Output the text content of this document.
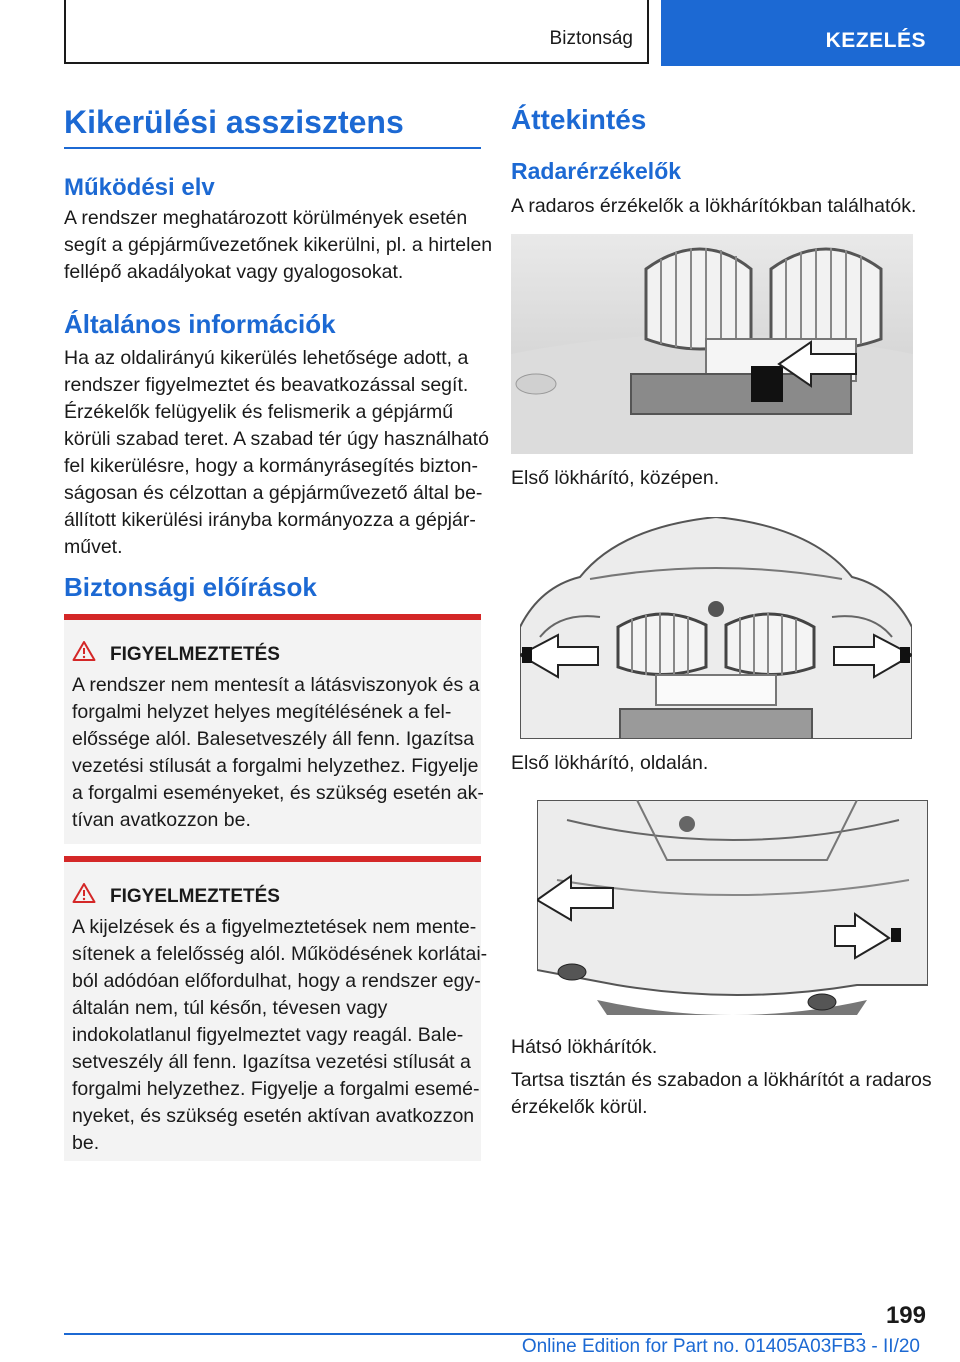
Biztonság	KEZELÉS
Kikerülési asszisztens
Működési elv
A rendszer meghatározott körülmények esetén
segít a gépjárművezetőnek kikerülni, pl. a hirtelen
fellépő akadályokat vagy gyalogosokat.
Általános információk
Ha az oldalirányú kikerülés lehetősége adott, a
rendszer figyelmeztet és beavatkozással segít.
Érzékelők felügyelik és felismerik a gépjármű
körüli szabad teret. A szabad tér úgy használható
fel kikerülésre, hogy a kormányrásegítés bizton-
ságosan és célzottan a gépjárművezető által be-
állított kikerülési irányba kormányozza a gépjár-
művet.
Biztonsági előírások
FIGYELMEZTETÉS
A rendszer nem mentesít a látásviszonyok és a
forgalmi helyzet helyes megítélésének a fel-
előssége alól. Balesetveszély áll fenn. Igazítsa
vezetési stílusát a forgalmi helyzethez. Figyelje
a forgalmi eseményeket, és szükség esetén ak-
tívan avatkozzon be.
FIGYELMEZTETÉS
A kijelzések és a figyelmeztetések nem mente-
sítenek a felelősség alól. Működésének korlátai-
ból adódóan előfordulhat, hogy a rendszer egy-
általán nem, túl későn, tévesen vagy
indokolatlanul figyelmeztet vagy reagál. Bale-
setveszély áll fenn. Igazítsa vezetési stílusát a
forgalmi helyzethez. Figyelje a forgalmi esemé-
nyeket, és szükség esetén aktívan avatkozzon
be.
Áttekintés
Radarérzékelők
A radaros érzékelők a lökhárítókban találhatók.
Első lökhárító, középen.
Első lökhárító, oldalán.
Hátsó lökhárítók.
Tartsa tisztán és szabadon a lökhárítót a radaros
érzékelők körül.
199
Online Edition for Part no. 01405A03FB3 - II/20
